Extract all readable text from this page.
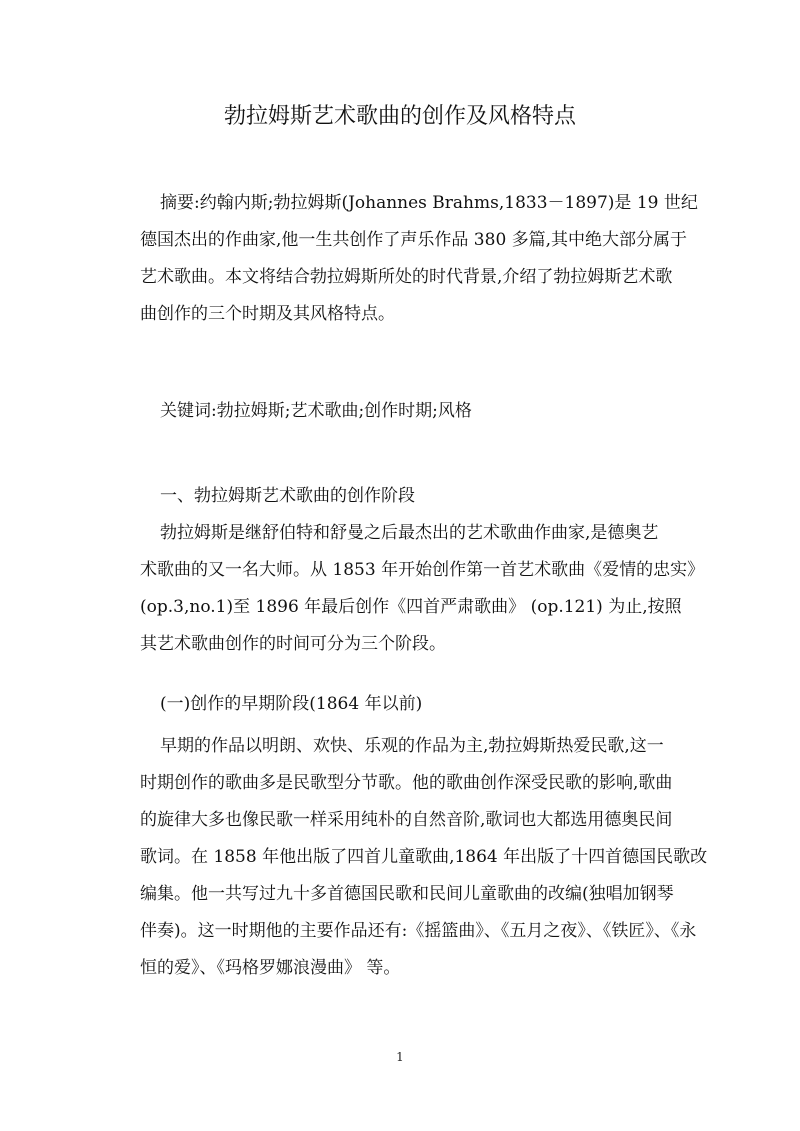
勃拉姆斯艺术歌曲的创作及风格特点
摘要:约翰内斯;勃拉姆斯(Johannes Brahms,1833－1897)是 19 世纪
德国杰出的作曲家,他一生共创作了声乐作品 380 多篇,其中绝大部分属于
艺术歌曲。本文将结合勃拉姆斯所处的时代背景,介绍了勃拉姆斯艺术歌
曲创作的三个时期及其风格特点。
关键词:勃拉姆斯;艺术歌曲;创作时期;风格
一、勃拉姆斯艺术歌曲的创作阶段
勃拉姆斯是继舒伯特和舒曼之后最杰出的艺术歌曲作曲家,是德奥艺
术歌曲的又一名大师。从 1853 年开始创作第一首艺术歌曲《爱情的忠实》
(op.3,no.1)至 1896 年最后创作《四首严肃歌曲》 (op.121) 为止,按照
其艺术歌曲创作的时间可分为三个阶段。
(一)创作的早期阶段(1864 年以前)
早期的作品以明朗、欢快、乐观的作品为主,勃拉姆斯热爱民歌,这一
时期创作的歌曲多是民歌型分节歌。他的歌曲创作深受民歌的影响,歌曲
的旋律大多也像民歌一样采用纯朴的自然音阶,歌词也大都选用德奥民间
歌词。在 1858 年他出版了四首儿童歌曲,1864 年出版了十四首德国民歌改
编集。他一共写过九十多首德国民歌和民间儿童歌曲的改编(独唱加钢琴
伴奏)。这一时期他的主要作品还有:《摇篮曲》、《五月之夜》、《铁匠》、《永
恒的爱》、《玛格罗娜浪漫曲》 等。
1
